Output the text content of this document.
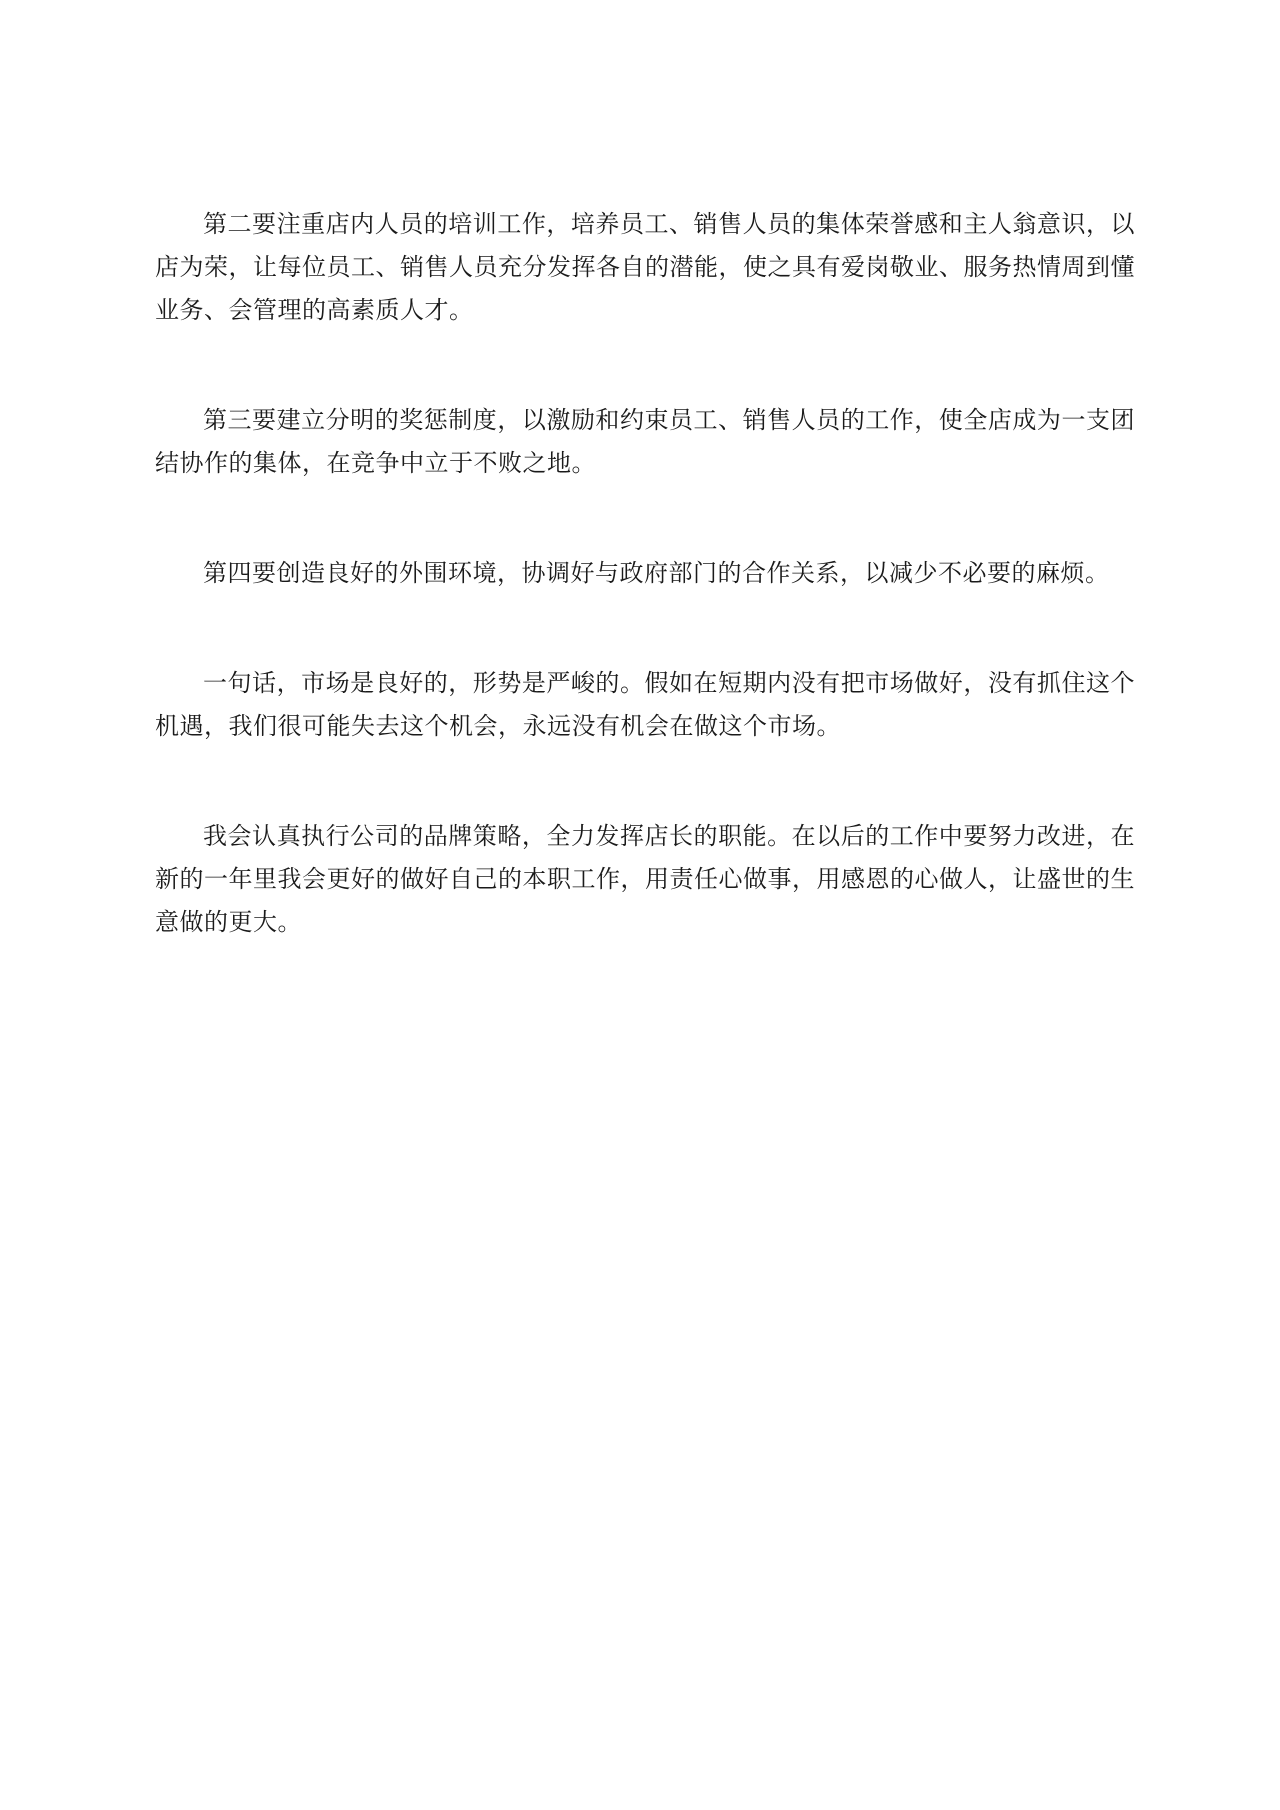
第二要注重店内人员的培训工作，培养员工、销售人员的集体荣誉感和主人翁意识，以店为荣，让每位员工、销售人员充分发挥各自的潜能，使之具有爱岗敬业、服务热情周到懂业务、会管理的高素质人才。

第三要建立分明的奖惩制度，以激励和约束员工、销售人员的工作，使全店成为一支团结协作的集体，在竞争中立于不败之地。

第四要创造良好的外围环境，协调好与政府部门的合作关系，以减少不必要的麻烦。

一句话，市场是良好的，形势是严峻的。假如在短期内没有把市场做好，没有抓住这个机遇，我们很可能失去这个机会，永远没有机会在做这个市场。

我会认真执行公司的品牌策略，全力发挥店长的职能。在以后的工作中要努力改进，在新的一年里我会更好的做好自己的本职工作，用责任心做事，用感恩的心做人，让盛世的生意做的更大。
